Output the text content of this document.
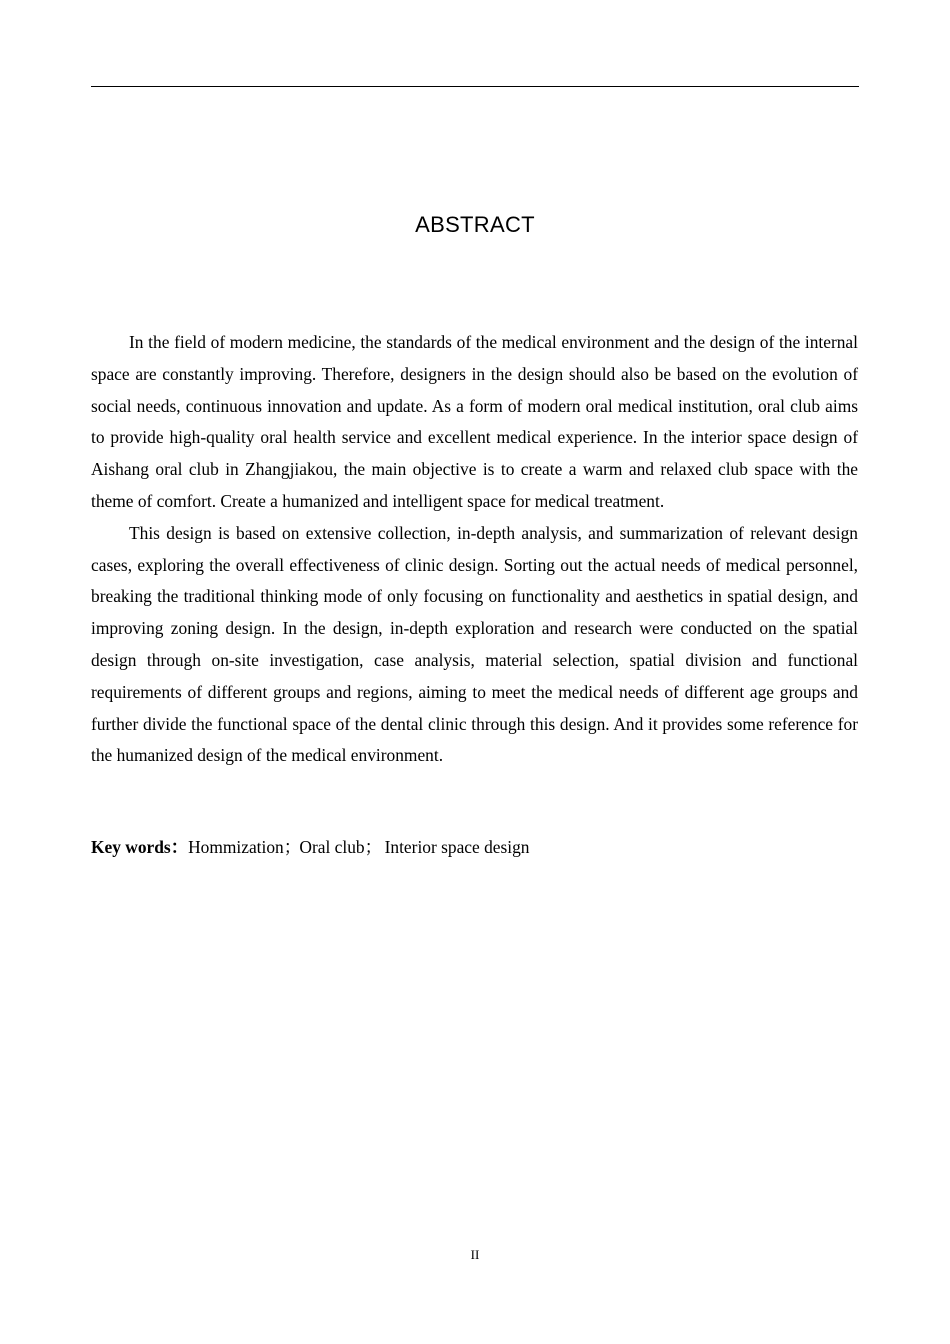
ABSTRACT

In the field of modern medicine, the standards of the medical environment and the design of the internal space are constantly improving. Therefore, designers in the design should also be based on the evolution of social needs, continuous innovation and update. As a form of modern oral medical institution, oral club aims to provide high-quality oral health service and excellent medical experience. In the interior space design of Aishang oral club in Zhangjiakou, the main objective is to create a warm and relaxed club space with the theme of comfort. Create a humanized and intelligent space for medical treatment.

This design is based on extensive collection, in-depth analysis, and summarization of relevant design cases, exploring the overall effectiveness of clinic design. Sorting out the actual needs of medical personnel, breaking the traditional thinking mode of only focusing on functionality and aesthetics in spatial design, and improving zoning design. In the design, in-depth exploration and research were conducted on the spatial design through on-site investigation, case analysis, material selection, spatial division and functional requirements of different groups and regions, aiming to meet the medical needs of different age groups and further divide the functional space of the dental clinic through this design. And it provides some reference for the humanized design of the medical environment.

Key words：Hommization；Oral club； Interior space design
II
